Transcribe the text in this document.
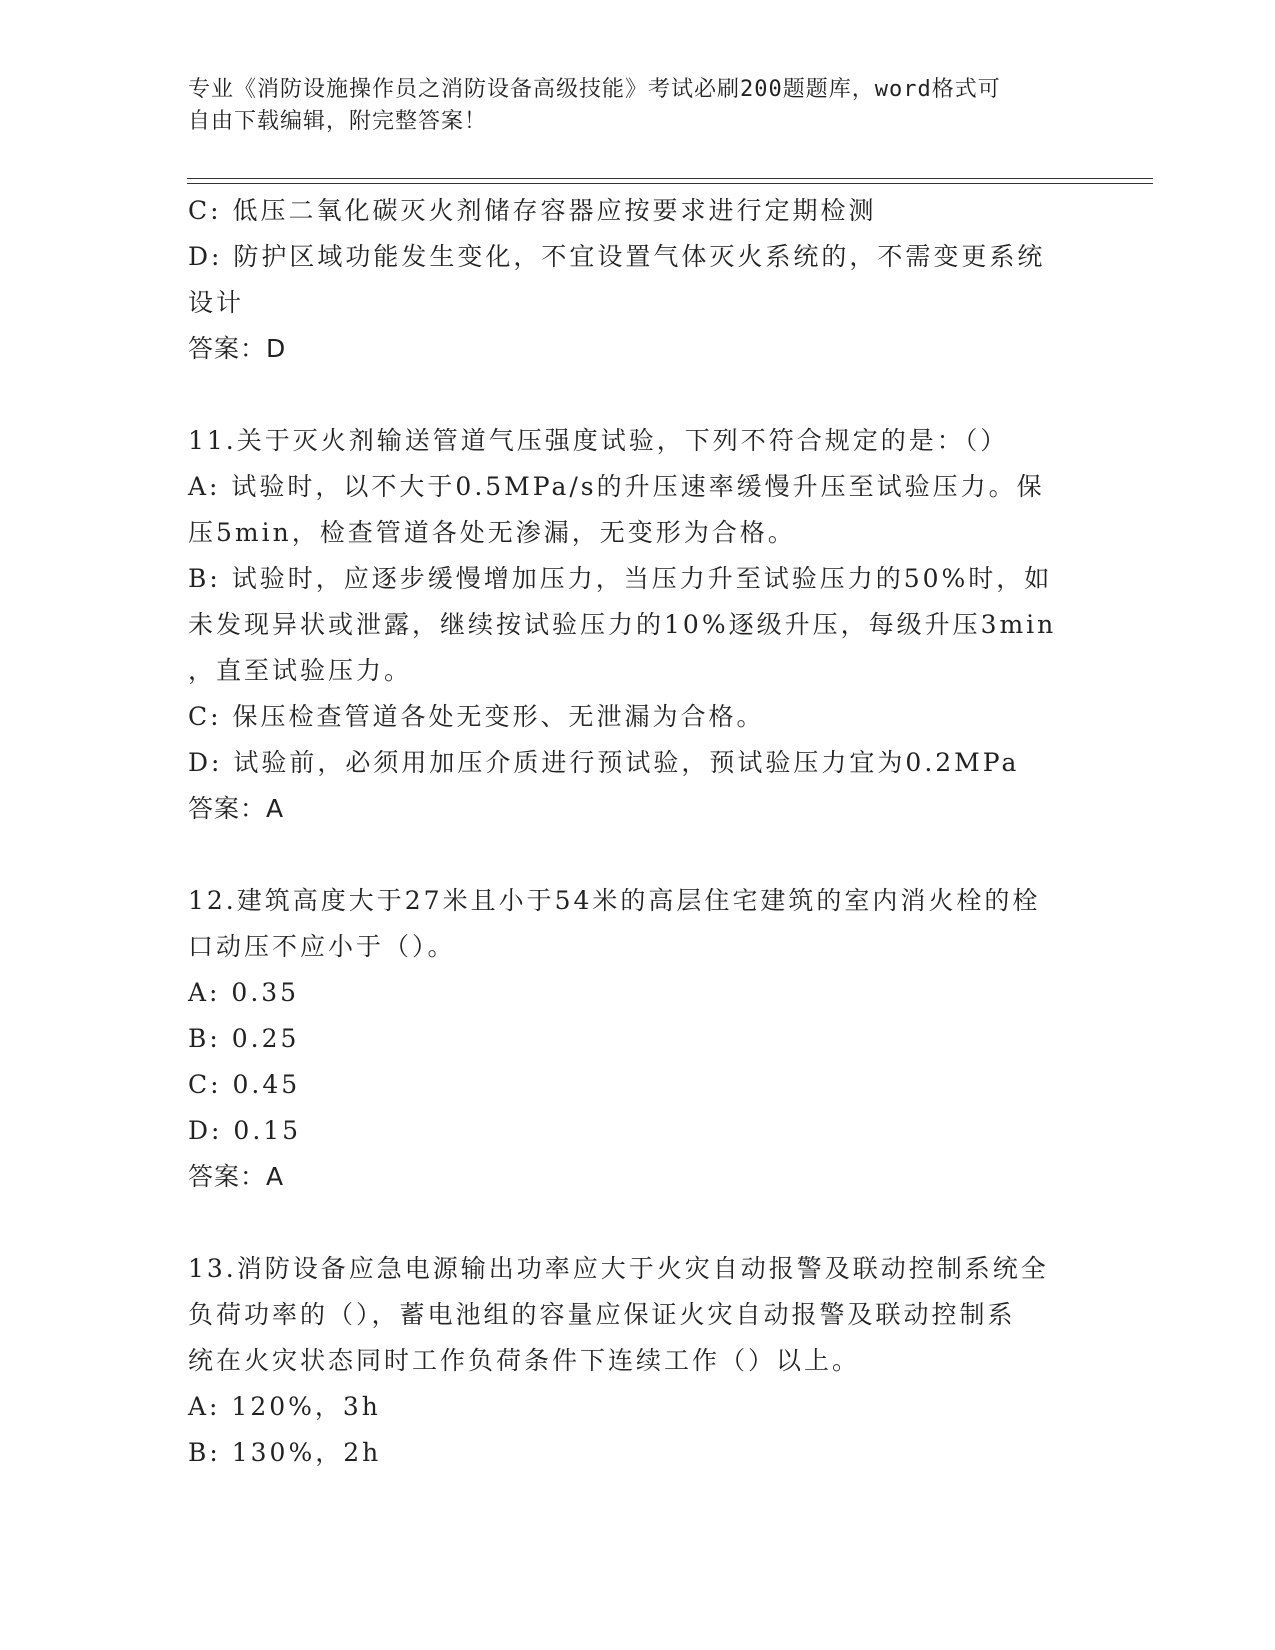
专业《消防设施操作员之消防设备高级技能》考试必刷200题题库，word格式可
自由下载编辑，附完整答案！

C: 低压二氧化碳灭火剂储存容器应按要求进行定期检测

D: 防护区域功能发生变化，不宜设置气体灭火系统的，不需变更系统

设计

答案：D

11.关于灭火剂输送管道气压强度试验，下列不符合规定的是：（）

A: 试验时，以不大于0.5MPa/s的升压速率缓慢升压至试验压力。保

压5min，检查管道各处无渗漏，无变形为合格。

B: 试验时，应逐步缓慢增加压力，当压力升至试验压力的50%时，如

未发现异状或泄露，继续按试验压力的10%逐级升压，每级升压3min

，直至试验压力。

C: 保压检查管道各处无变形、无泄漏为合格。

D: 试验前，必须用加压介质进行预试验，预试验压力宜为0.2MPa

答案：A

12.建筑高度大于27米且小于54米的高层住宅建筑的室内消火栓的栓

口动压不应小于（）。

A: 0.35

B: 0.25

C: 0.45

D: 0.15

答案：A

13.消防设备应急电源输出功率应大于火灾自动报警及联动控制系统全

负荷功率的（），蓄电池组的容量应保证火灾自动报警及联动控制系

统在火灾状态同时工作负荷条件下连续工作（）以上。

A: 120%，3h

B: 130%，2h
